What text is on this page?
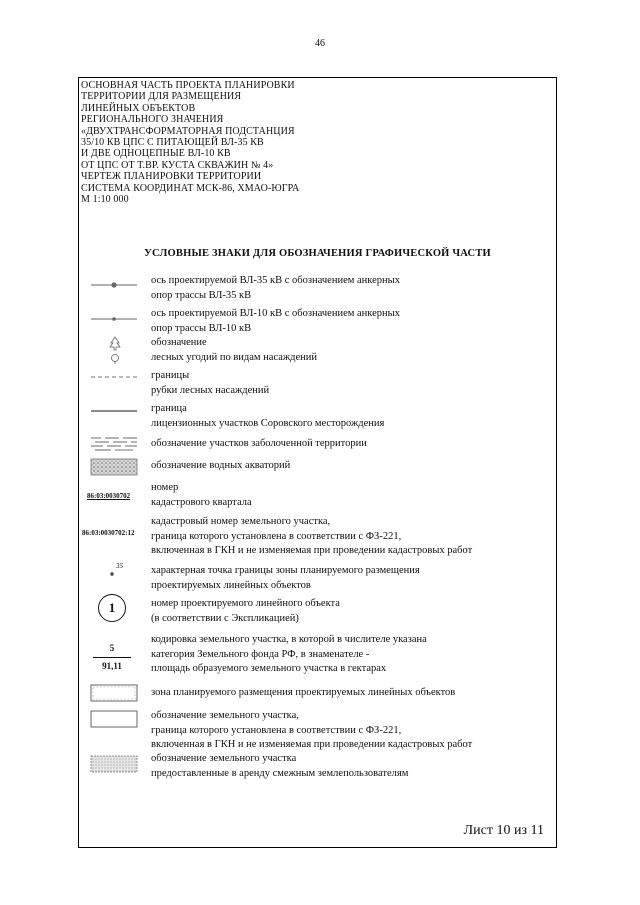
46
ОСНОВНАЯ ЧАСТЬ ПРОЕКТА ПЛАНИРОВКИ
ТЕРРИТОРИИ ДЛЯ РАЗМЕЩЕНИЯ
ЛИНЕЙНЫХ ОБЪЕКТОВ
РЕГИОНАЛЬНОГО ЗНАЧЕНИЯ
«ДВУХТРАНСФОРМАТОРНАЯ ПОДСТАНЦИЯ
35/10 КВ ЦПС С ПИТАЮЩЕЙ ВЛ-35 КВ
И ДВЕ ОДНОЦЕПНЫЕ ВЛ-10 КВ
ОТ ЦПС ОТ Т.ВР. КУСТА СКВАЖИН № 4»
ЧЕРТЕЖ ПЛАНИРОВКИ ТЕРРИТОРИИ
СИСТЕМА КООРДИНАТ МСК-86, ХМАО-ЮГРА
М 1:10 000
УСЛОВНЫЕ ЗНАКИ ДЛЯ ОБОЗНАЧЕНИЯ ГРАФИЧЕСКОЙ ЧАСТИ
ось проектируемой ВЛ-35 кВ с обозначением анкерных
опор трассы ВЛ-35 кВ
ось проектируемой ВЛ-10 кВ с обозначением анкерных
опор трассы ВЛ-10 кВ
обозначение
лесных угодий по видам насаждений
границы
рубки лесных насаждений
граница
лицензионных участков Соровского месторождения
обозначение участков заболоченной территории
обозначение водных акваторий
86:03:0030702
номер
кадастрового квартала
86:03:0030702:12
кадастровый номер земельного участка,
граница которого установлена в соответствии с ФЗ-221,
включенная в ГКН и не изменяемая при проведении кадастровых работ
35	характерная точка границы зоны планируемого размещения
проектируемых линейных объектов
1	номер проектируемого линейного объекта
(в соответствии с Экспликацией)
5
91,11
кодировка земельного участка, в которой в числителе указана
категория Земельного фонда РФ, в знаменателе -
площадь образуемого земельного участка в гектарах
зона планируемого размещения проектируемых линейных объектов
обозначение земельного участка,
граница которого установлена в соответствии с ФЗ-221,
включенная в ГКН и не изменяемая при проведении кадастровых работ
обозначение земельного участка
предоставленные в аренду смежным землепользователям
Лист 10 из 11
